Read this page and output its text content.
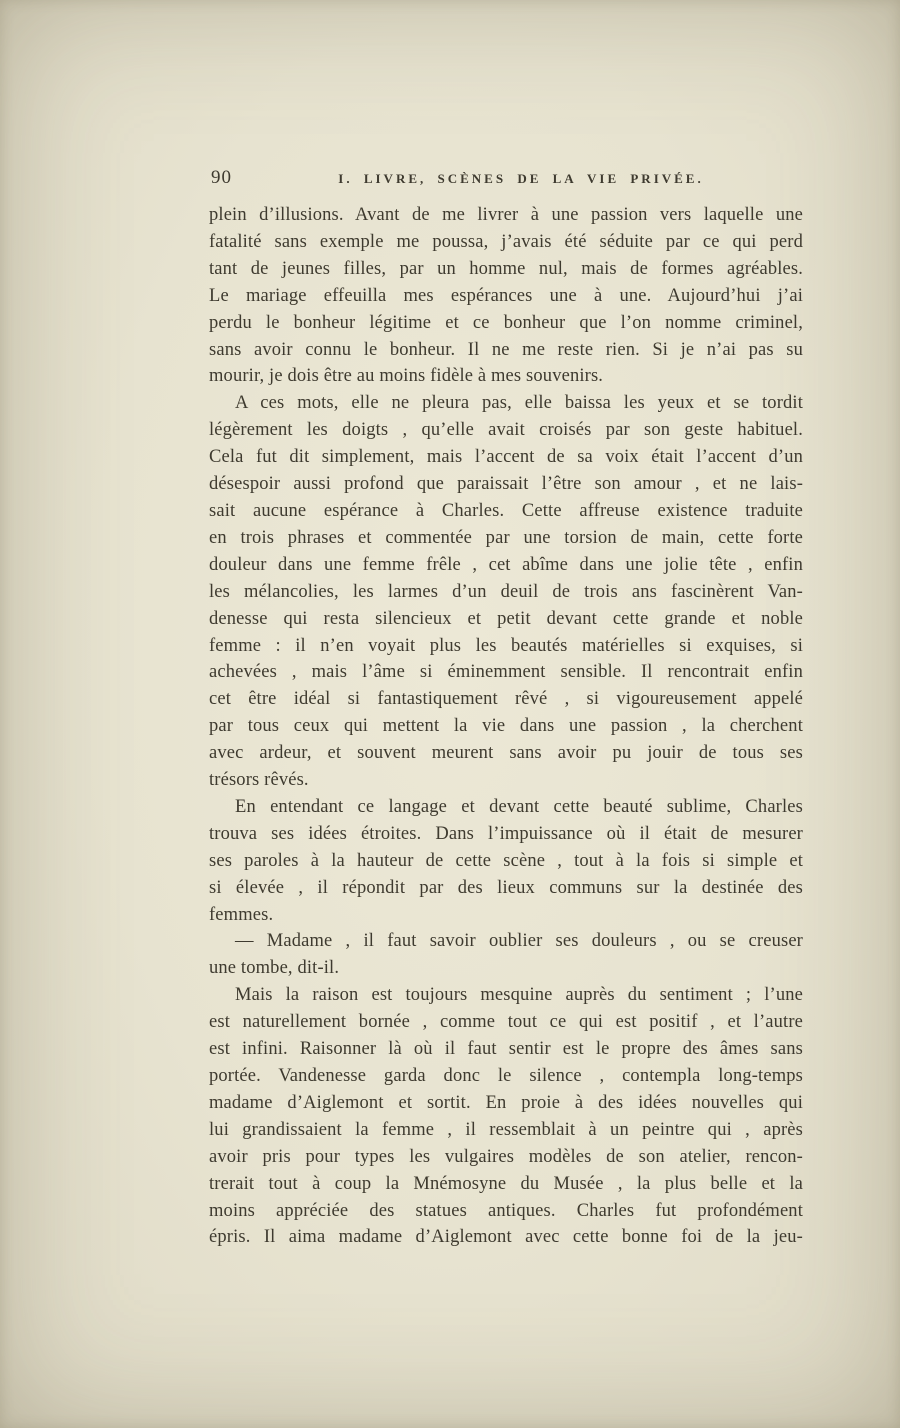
90	I. LIVRE, SCÈNES DE LA VIE PRIVÉE.
plein d’illusions. Avant de me livrer à une passion vers laquelle une
fatalité sans exemple me poussa, j’avais été séduite par ce qui perd
tant de jeunes filles, par un homme nul, mais de formes agréables.
Le mariage effeuilla mes espérances une à une. Aujourd’hui j’ai
perdu le bonheur légitime et ce bonheur que l’on nomme criminel,
sans avoir connu le bonheur. Il ne me reste rien. Si je n’ai pas su
mourir, je dois être au moins fidèle à mes souvenirs.
A ces mots, elle ne pleura pas, elle baissa les yeux et se tordit
légèrement les doigts , qu’elle avait croisés par son geste habituel.
Cela fut dit simplement, mais l’accent de sa voix était l’accent d’un
désespoir aussi profond que paraissait l’être son amour , et ne lais-
sait aucune espérance à Charles. Cette affreuse existence traduite
en trois phrases et commentée par une torsion de main, cette forte
douleur dans une femme frêle , cet abîme dans une jolie tête , enfin
les mélancolies, les larmes d’un deuil de trois ans fascinèrent Van-
denesse qui resta silencieux et petit devant cette grande et noble
femme : il n’en voyait plus les beautés matérielles si exquises, si
achevées , mais l’âme si éminemment sensible. Il rencontrait enfin
cet être idéal si fantastiquement rêvé , si vigoureusement appelé
par tous ceux qui mettent la vie dans une passion , la cherchent
avec ardeur, et souvent meurent sans avoir pu jouir de tous ses
trésors rêvés.
En entendant ce langage et devant cette beauté sublime, Charles
trouva ses idées étroites. Dans l’impuissance où il était de mesurer
ses paroles à la hauteur de cette scène , tout à la fois si simple et
si élevée , il répondit par des lieux communs sur la destinée des
femmes.
— Madame , il faut savoir oublier ses douleurs , ou se creuser
une tombe, dit-il.
Mais la raison est toujours mesquine auprès du sentiment ; l’une
est naturellement bornée , comme tout ce qui est positif , et l’autre
est infini. Raisonner là où il faut sentir est le propre des âmes sans
portée. Vandenesse garda donc le silence , contempla long-temps
madame d’Aiglemont et sortit. En proie à des idées nouvelles qui
lui grandissaient la femme , il ressemblait à un peintre qui , après
avoir pris pour types les vulgaires modèles de son atelier, rencon-
trerait tout à coup la Mnémosyne du Musée , la plus belle et la
moins appréciée des statues antiques. Charles fut profondément
épris. Il aima madame d’Aiglemont avec cette bonne foi de la jeu-
